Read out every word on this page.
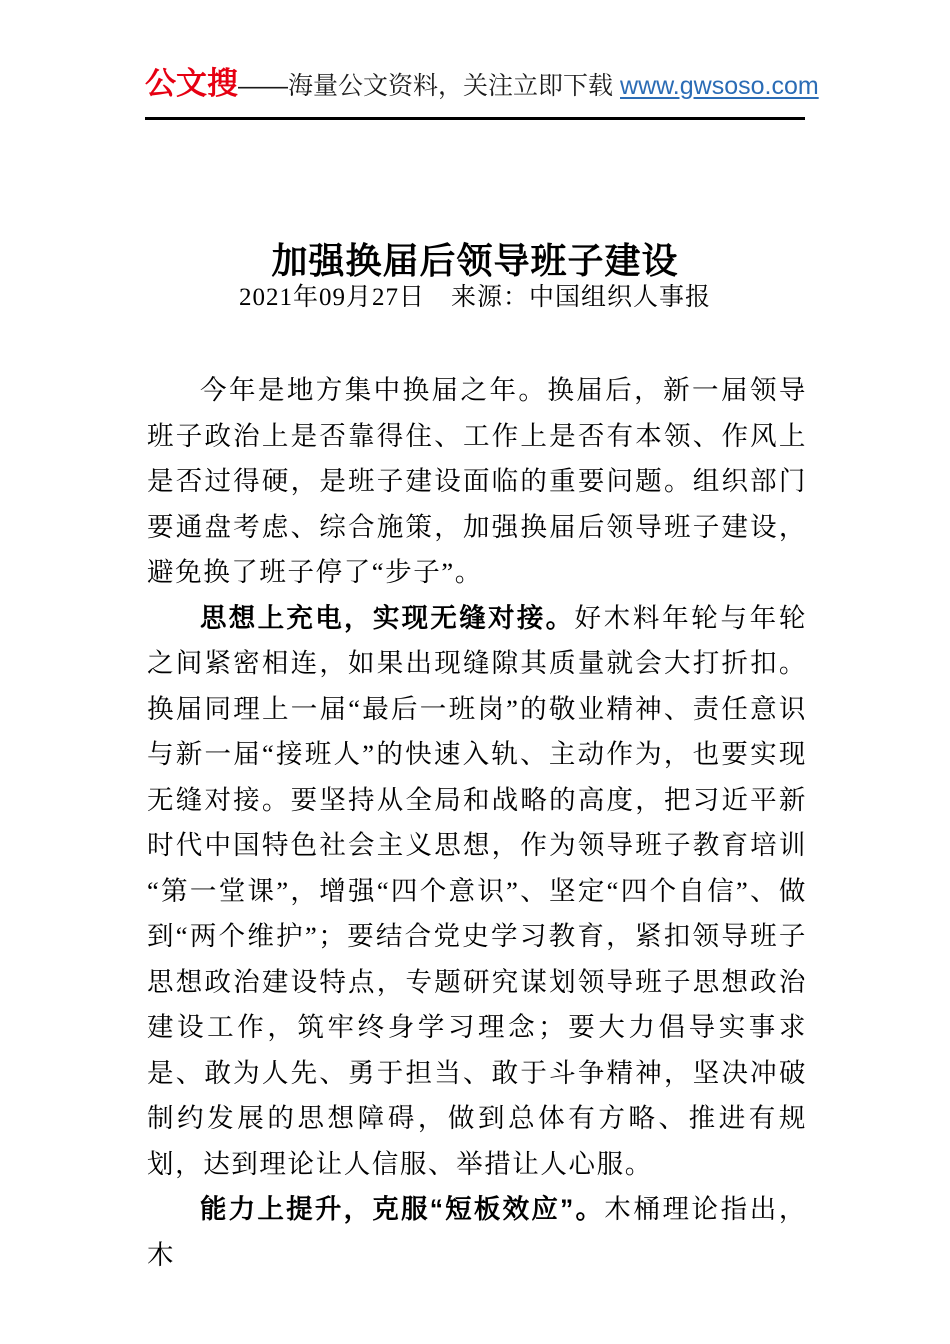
公文搜 ——海量公文资料，关注立即下载 www.gwsoso.com
加强换届后领导班子建设
2021年09月27日 来源：中国组织人事报

今年是地方集中换届之年。换届后，新一届领导班子政治上是否靠得住、工作上是否有本领、作风上是否过得硬，是班子建设面临的重要问题。组织部门要通盘考虑、综合施策，加强换届后领导班子建设，避免换了班子停了“步子”。

思想上充电，实现无缝对接。好木料年轮与年轮之间紧密相连，如果出现缝隙其质量就会大打折扣。换届同理上一届“最后一班岗”的敬业精神、责任意识与新一届“接班人”的快速入轨、主动作为，也要实现无缝对接。要坚持从全局和战略的高度，把习近平新时代中国特色社会主义思想，作为领导班子教育培训“第一堂课”，增强“四个意识”、坚定“四个自信”、做到“两个维护”；要结合党史学习教育，紧扣领导班子思想政治建设特点，专题研究谋划领导班子思想政治建设工作，筑牢终身学习理念；要大力倡导实事求是、敢为人先、勇于担当、敢于斗争精神，坚决冲破制约发展的思想障碍，做到总体有方略、推进有规划，达到理论让人信服、举措让人心服。

能力上提升，克服“短板效应”。木桶理论指出，木
